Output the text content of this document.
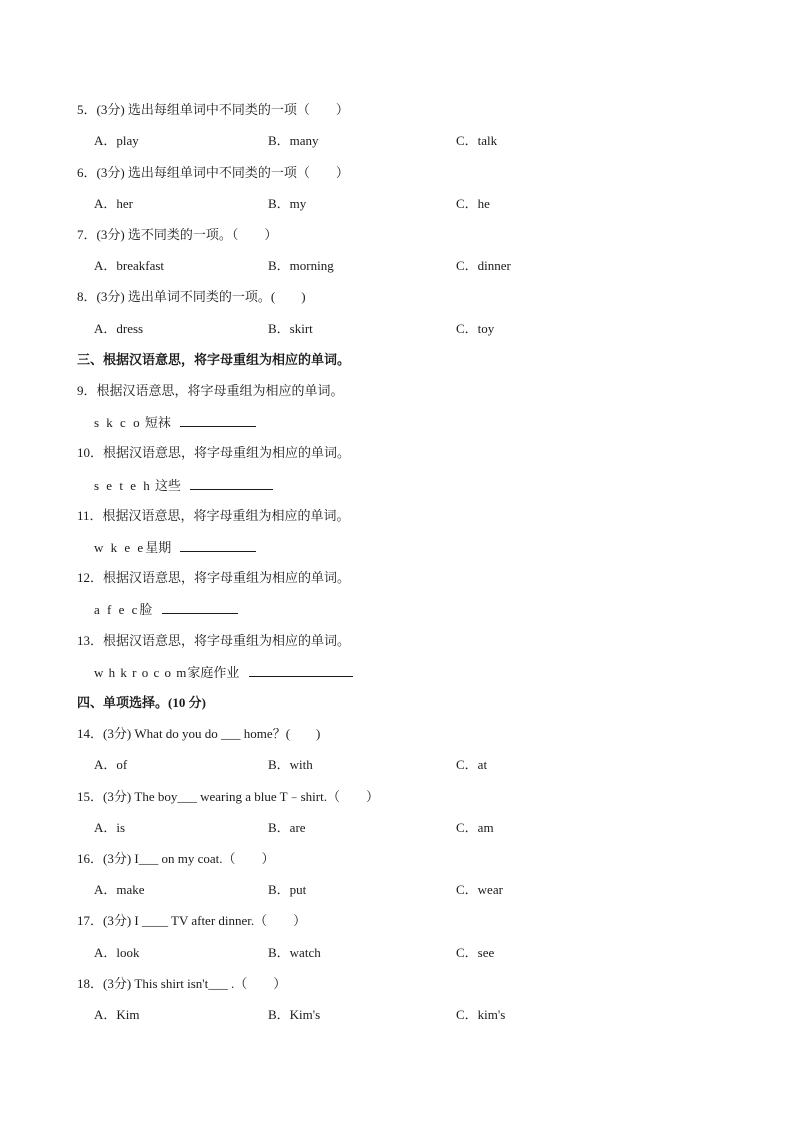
5．(3分) 选出每组单词中不同类的一项（　　）
A．play	B．many	C．talk
6．(3分) 选出每组单词中不同类的一项（　　）
A．her	B．my	C．he
7．(3分) 选不同类的一项。（　　）
A．breakfast	B．morning	C．dinner
8．(3分) 选出单词不同类的一项。(　　)
A．dress	B．skirt	C．toy
三、根据汉语意思，将字母重组为相应的单词。
9．根据汉语意思，将字母重组为相应的单词。
s k c o 短袜
10．根据汉语意思，将字母重组为相应的单词。
s e t e h 这些
11．根据汉语意思，将字母重组为相应的单词。
w k e e星期
12．根据汉语意思，将字母重组为相应的单词。
a f e c脸
13．根据汉语意思，将字母重组为相应的单词。
w h k r o c o m家庭作业
四、单项选择。(10 分)
14．(3分) What do you do ___ home？(　　)
A．of	B．with	C．at
15．(3分) The boy___ wearing a blue T﹣shirt.（　　）
A．is	B．are	C．am
16．(3分) I___ on my coat.（　　）
A．make	B．put	C．wear
17．(3分) I ____ TV after dinner.（　　）
A．look	B．watch	C．see
18．(3分) This shirt isn't___ .（　　）
A．Kim	B．Kim's	C．kim's
